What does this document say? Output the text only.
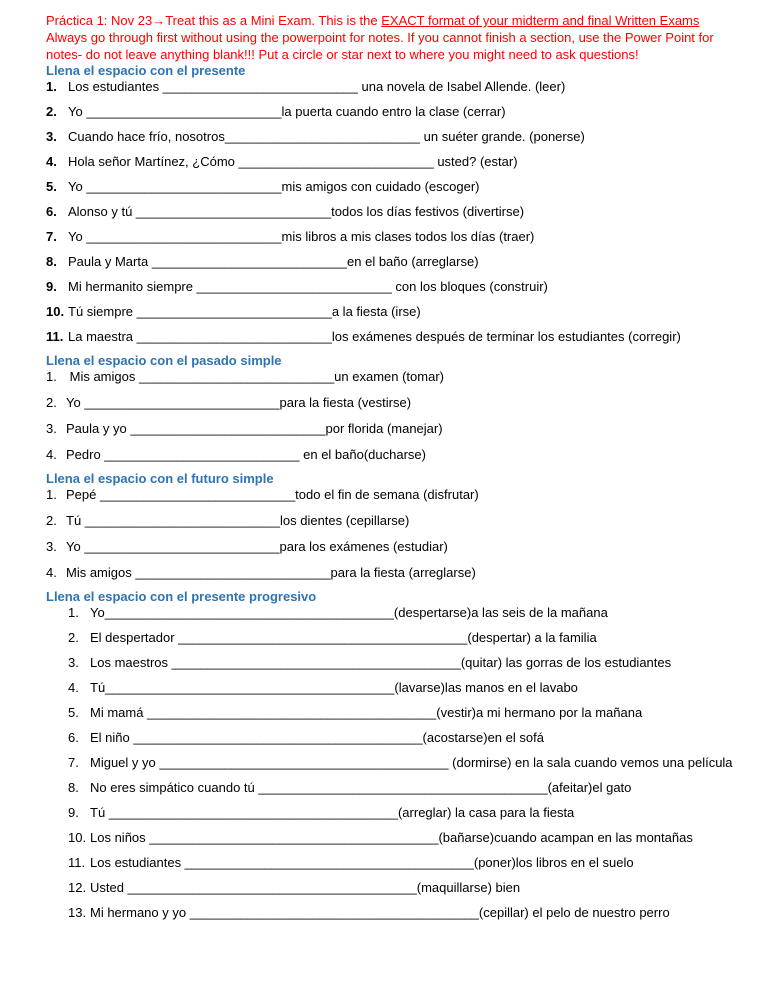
Práctica 1: Nov 23→Treat this as a Mini Exam. This is the EXACT format of your midterm and final Written Exams
Always go through first without using the powerpoint for notes. If you cannot finish a section, use the Power Point for notes- do not leave anything blank!!! Put a circle or star next to where you might need to ask questions!

Llena el espacio con el presente

1. Los estudiantes ___________________________ una novela de Isabel Allende. (leer)

2. Yo ___________________________la puerta cuando entro la clase (cerrar)

3. Cuando hace frío, nosotros___________________________ un suéter grande. (ponerse)

4. Hola señor Martínez, ¿Cómo ___________________________ usted? (estar)

5. Yo ___________________________mis amigos con cuidado (escoger)

6. Alonso y tú ___________________________todos los días festivos (divertirse)

7. Yo ___________________________mis libros a mis clases todos los días (traer)

8. Paula y Marta ___________________________en el baño (arreglarse)

9. Mi hermanito siempre ___________________________ con los bloques (construir)

10. Tú siempre ___________________________a la fiesta (irse)

11. La maestra ___________________________los exámenes después de terminar los estudiantes (corregir)

Llena el espacio con el pasado simple

1. Mis amigos ___________________________un examen (tomar)

2. Yo ___________________________para la fiesta (vestirse)

3. Paula y yo ___________________________por florida (manejar)

4. Pedro ___________________________ en el baño(ducharse)

Llena el espacio con el futuro simple

1. Pepé ___________________________todo el fin de semana (disfrutar)

2. Tú ___________________________los dientes (cepillarse)

3. Yo ___________________________para los exámenes (estudiar)

4. Mis amigos ___________________________para la fiesta (arreglarse)

Llena el espacio con el presente progresivo

1. Yo________________________________________(despertarse)a las seis de la mañana

2. El despertador ________________________________________(despertar) a la familia

3. Los maestros ________________________________________(quitar) las gorras de los estudiantes

4. Tú________________________________________(lavarse)las manos en el lavabo

5. Mi mamá ________________________________________(vestir)a mi hermano por la mañana

6. El niño ________________________________________(acostarse)en el sofá

7. Miguel y yo ________________________________________ (dormirse) en la sala cuando vemos una película

8. No eres simpático cuando tú ________________________________________(afeitar)el gato

9. Tú ________________________________________(arreglar) la casa para la fiesta

10. Los niños ________________________________________(bañarse)cuando acampan en las montañas

11. Los estudiantes ________________________________________(poner)los libros en el suelo

12. Usted ________________________________________(maquillarse) bien

13. Mi hermano y yo ________________________________________(cepillar) el pelo de nuestro perro
